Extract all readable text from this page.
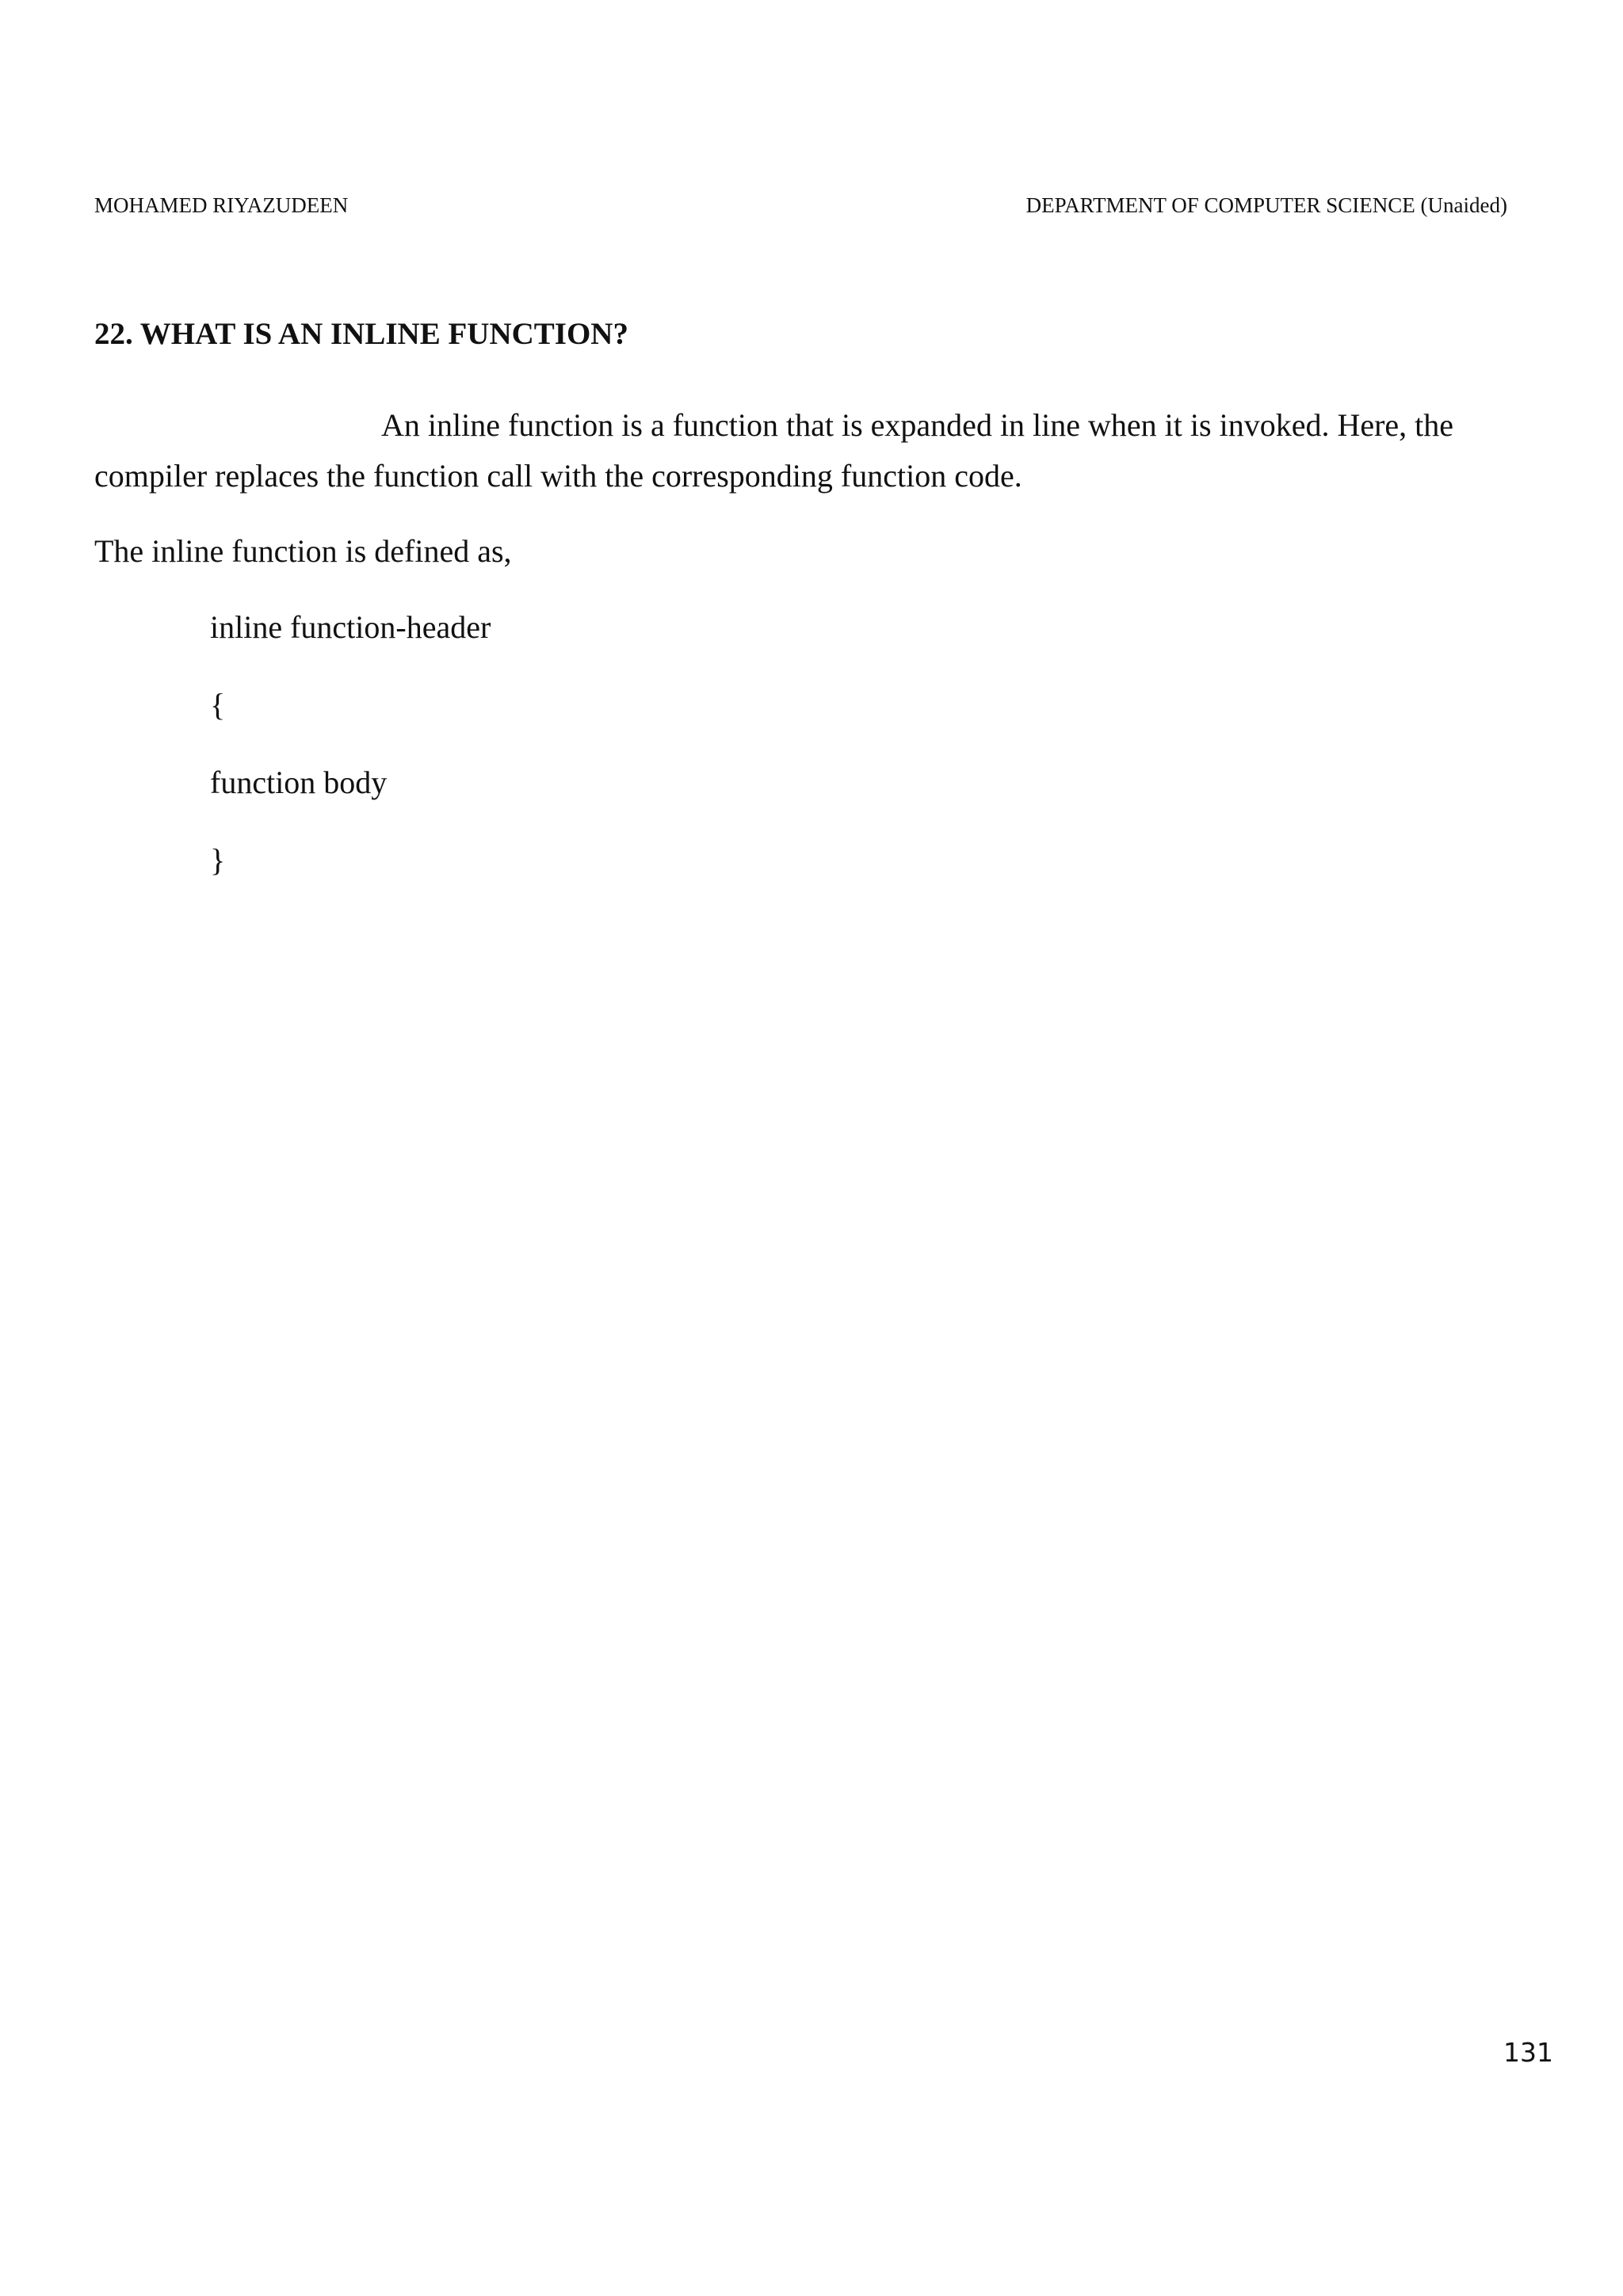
MOHAMED RIYAZUDEEN	DEPARTMENT OF COMPUTER SCIENCE (Unaided)
22. WHAT IS AN INLINE FUNCTION?

An inline function is a function that is expanded in line when it is invoked. Here, the compiler replaces the function call with the corresponding function code.

The inline function is defined as,

inline function-header
{
function body
}
131
